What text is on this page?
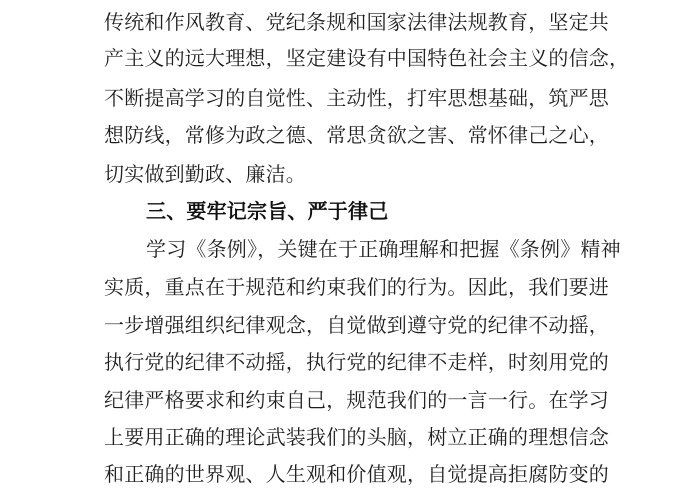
传统和作风教育、党纪条规和国家法律法规教育，坚定共
产主义的远大理想，坚定建设有中国特色社会主义的信念，
不断提高学习的自觉性、主动性，打牢思想基础，筑严思
想防线，常修为政之德、常思贪欲之害、常怀律己之心，
切实做到勤政、廉洁。
三、要牢记宗旨、严于律己
学习《条例》，关键在于正确理解和把握《条例》精神
实质，重点在于规范和约束我们的行为。因此，我们要进
一步增强组织纪律观念，自觉做到遵守党的纪律不动摇，
执行党的纪律不动摇，执行党的纪律不走样，时刻用党的
纪律严格要求和约束自己，规范我们的一言一行。在学习
上要用正确的理论武装我们的头脑，树立正确的理想信念
和正确的世界观、人生观和价值观，自觉提高拒腐防变的
